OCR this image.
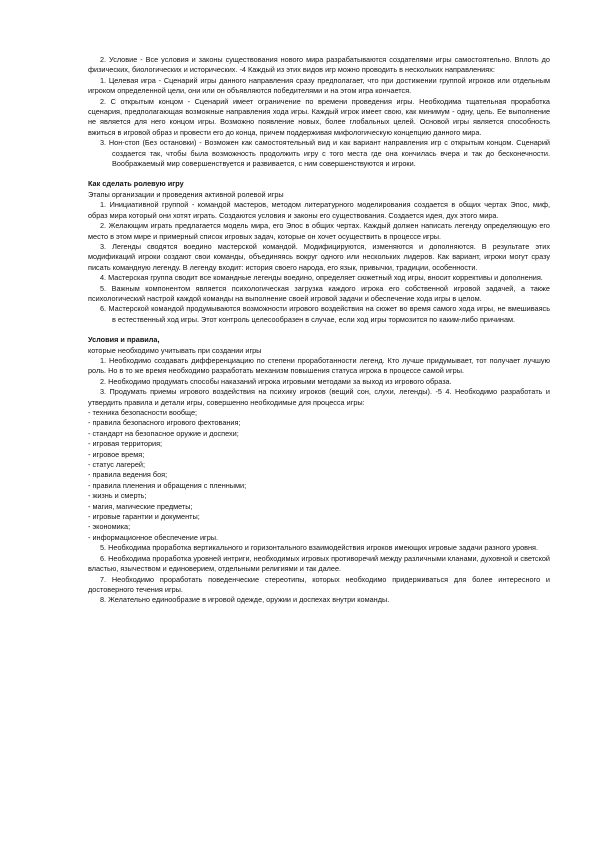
2. Условие - Все условия и законы существования нового мира разрабатываются создателями игры самостоятельно. Вплоть до физических, биологических и исторических. -4 Каждый из этих видов игр можно проводить в нескольких направлениях:

1. Целевая игра - Сценарий игры данного направления сразу предполагает, что при достижении группой игроков или отдельным игроком определенной цели, они или он объявляются победителями и на этом игра кончается.

2. С открытым концом - Сценарий имеет ограничение по времени проведения игры. Необходима тщательная проработка сценария, предполагающая возможные направления хода игры. Каждый игрок имеет свою, как минимум - одну, цель. Ее выполнение не является для него концом игры. Возможно появление новых, более глобальных целей. Основой игры является способность вжиться в игровой образ и провести его до конца, причем поддерживая мифологическую концепцию данного мира.

3. Нон-стоп (Без остановки) - Возможен как самостоятельный вид и как вариант направления игр с открытым концом. Сценарий создается так, чтобы была возможность продолжить игру с того места где она кончилась вчера и так до бесконечности. Воображаемый мир совершенствуется и развивается, с ним совершенствуются и игроки.

Как сделать ролевую игру

Этапы организации и проведения активной ролевой игры

1. Инициативной группой - командой мастеров, методом литературного моделирования создается в общих чертах Эпос, миф, образ мира который они хотят играть. Создаются условия и законы его существования. Создается идея, дух этого мира.

2. Желающим играть предлагается модель мира, его Эпос в общих чертах. Каждый должен написать легенду определяющую его место в этом мире и примерный список игровых задач, которые он хочет осуществить в процессе игры.

3. Легенды сводятся воедино мастерской командой. Модифицируются, изменяются и дополняются. В результате этих модификаций игроки создают свои команды, объединяясь вокруг одного или нескольких лидеров. Как вариант, игроки могут сразу писать командную легенду. В легенду входит: история своего народа, его язык, привычки, традиции, особенности.

4. Мастерская группа сводит все командные легенды воедино, определяет сюжетный ход игры, вносит коррективы и дополнения.

5. Важным компонентом является психологическая загрузка каждого игрока его собственной игровой задачей, а также психологический настрой каждой команды на выполнение своей игровой задачи и обеспечение хода игры в целом.

6. Мастерской командой продумываются возможности игрового воздействия на сюжет во время самого хода игры, не вмешиваясь в естественный ход игры. Этот контроль целесообразен в случае, если ход игры тормозится по каким-либо причинам.

Условия и правила,

которые необходимо учитывать при создании игры

1. Необходимо создавать дифференциацию по степени проработанности легенд. Кто лучше придумывает, тот получает лучшую роль. Но в то же время необходимо разработать механизм повышения статуса игрока в процессе самой игры.

2. Необходимо продумать способы наказаний игрока игровыми методами за выход из игрового образа.

3. Продумать приемы игрового воздействия на психику игроков (вещий сон, слухи, легенды). -5 4. Необходимо разработать и утвердить правила и детали игры, совершенно необходимые для процесса игры:

- техника безопасности вообще;

- правила безопасного игрового фехтования;

- стандарт на безопасное оружие и доспехи;

- игровая территория;

- игровое время;

- статус лагерей;

- правила ведения боя;

- правила пленения и обращения с пленными;

- жизнь и смерть;

- магия, магические предметы;

- игровые гарантии и документы;

- экономика;

- информационное обеспечение игры.

5. Необходима проработка вертикального и горизонтального взаимодействия игроков имеющих игровые задачи разного уровня.

6. Необходима проработка уровней интриги, необходимых игровых противоречий между различными кланами, духовной и светской властью, язычеством и единоверием, отдельными религиями и так далее.

7. Необходимо проработать поведенческие стереотипы, которых необходимо придерживаться для более интересного и достоверного течения игры.

8. Желательно единообразие в игровой одежде, оружии и доспехах внутри команды.
